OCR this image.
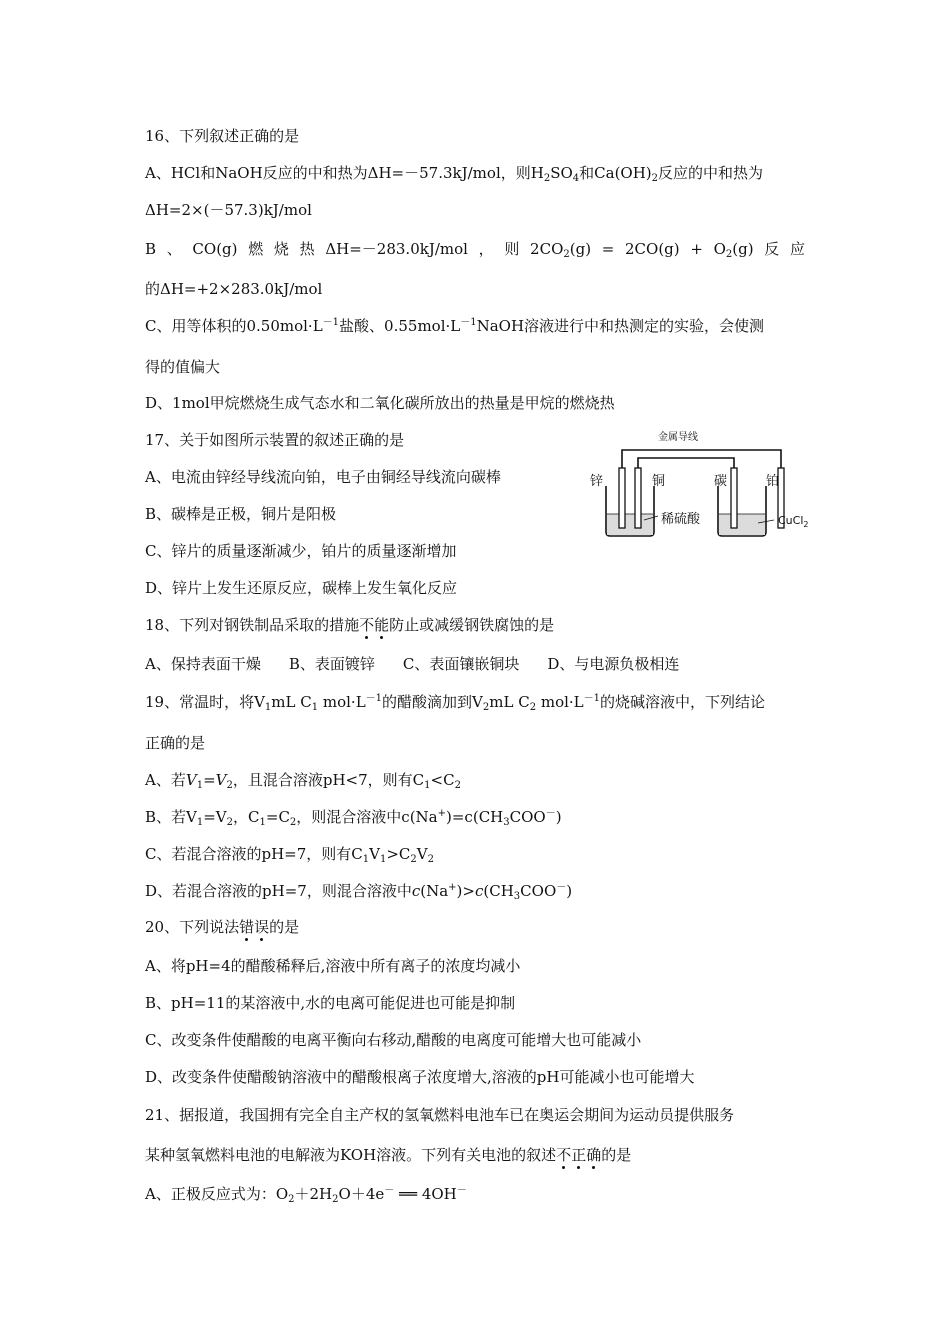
16、下列叙述正确的是
A、HCl和NaOH反应的中和热为ΔH=－57.3kJ/mol，则$H_2SO_4$和$Ca(OH)_2$反应的中和热为
ΔH=2×(－57.3)kJ/mol
B 、 CO(g) 燃 烧 热 ΔH=－283.0kJ/mol ， 则 $2CO_2(g) = 2CO(g) + O_2(g)$ 反 应
的ΔH=+2×283.0kJ/mol
C、用等体积的$0.50mol\cdot L^{-1}$盐酸、$0.55mol\cdot L^{-1}NaOH$溶液进行中和热测定的实验，会使测
得的值偏大
D、1mol甲烷燃烧生成气态水和二氧化碳所放出的热量是甲烷的燃烧热
17、关于如图所示装置的叙述正确的是
A、电流由锌经导线流向铂，电子由铜经导线流向碳棒
B、碳棒是正极，铜片是阳极
C、锌片的质量逐渐减少，铂片的质量逐渐增加
D、锌片上发生还原反应，碳棒上发生氧化反应
金属导线
锌	铜	碳	铂
稀硫酸	CuCl$_2$
18、下列对钢铁制品采取的措施不能防止或减缓钢铁腐蚀的是
A、保持表面干燥 B、表面镀锌 C、表面镶嵌铜块 D、与电源负极相连
19、常温时，将$V_1mL$ $C_1$ $mol\cdot L^{-1}$的醋酸滴加到$V_2mL$ $C_2$ $mol\cdot L^{-1}$的烧碱溶液中，下列结论
正确的是
A、若$V_1=V_2$，且混合溶液pH<7，则有$C_1<C_2$
B、若$V_1=V_2$，$C_1=C_2$，则混合溶液中$c(Na^+)=c(CH_3COO^-)$
C、若混合溶液的pH=7，则有$C_1V_1>C_2V_2$
D、若混合溶液的pH=7，则混合溶液中$c(Na^+)>c(CH_3COO^-)$
20、下列说法错误的是
A、将pH=4的醋酸稀释后,溶液中所有离子的浓度均减小
B、pH=11的某溶液中,水的电离可能促进也可能是抑制
C、改变条件使醋酸的电离平衡向右移动,醋酸的电离度可能增大也可能减小
D、改变条件使醋酸钠溶液中的醋酸根离子浓度增大,溶液的pH可能减小也可能增大
21、据报道，我国拥有完全自主产权的氢氧燃料电池车已在奥运会期间为运动员提供服务
某种氢氧燃料电池的电解液为KOH溶液。下列有关电池的叙述不正确的是
A、正极反应式为：$O_2+2H_2O+4e^-$ ══ 4OH－
